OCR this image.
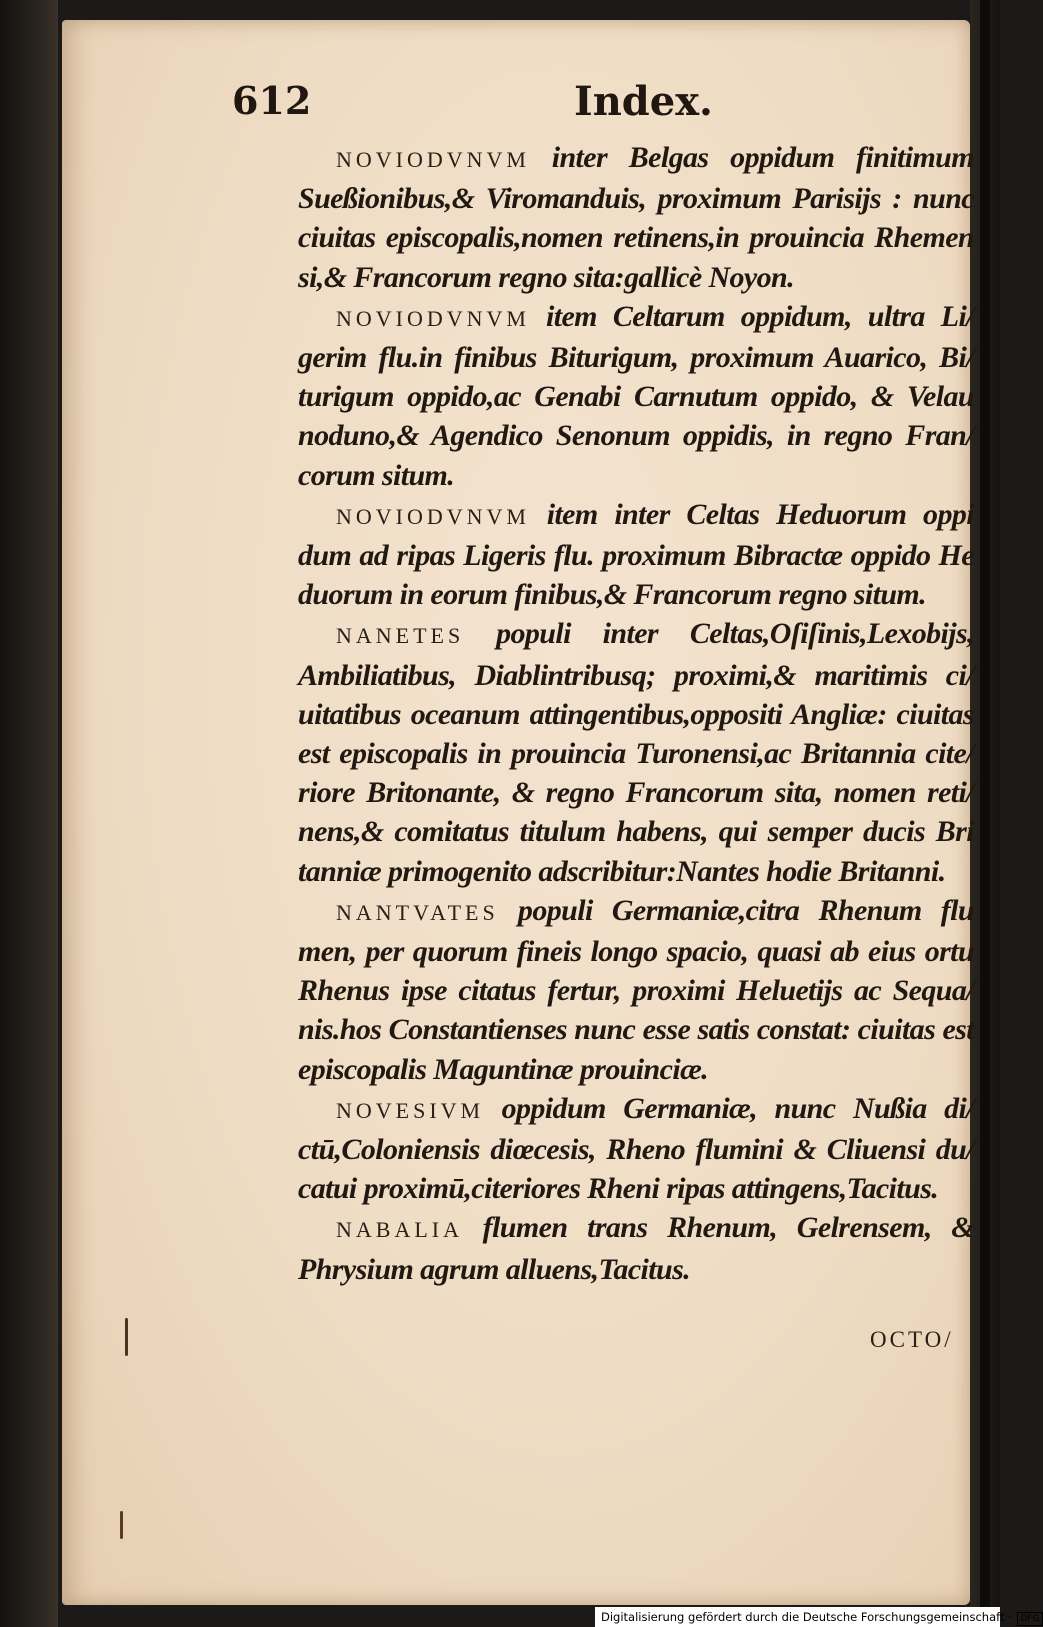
612	Index.

NOVIODVNVM inter Belgas oppidum finitimum Sueßionibus,& Viromanduis, proximum Parisijs : nunc ciuitas episcopalis,nomen retinens,in prouincia Rhemen si,& Francorum regno sita:gallicè Noyon.

NOVIODVNVM item Celtarum oppidum, ultra Li/ gerim flu.in finibus Biturigum, proximum Auarico, Bi/ turigum oppido,ac Genabi Carnutum oppido, & Velau noduno,& Agendico Senonum oppidis, in regno Fran/ corum situm.

NOVIODVNVM item inter Celtas Heduorum oppi dum ad ripas Ligeris flu. proximum Bibractæ oppido He duorum in eorum finibus,& Francorum regno situm.

NANETES populi inter Celtas,Oſiſinis,Lexobijs, Ambiliatibus, Diablintribusq; proximi,& maritimis ci/ uitatibus oceanum attingentibus,oppositi Angliæ: ciuitas est episcopalis in prouincia Turonensi,ac Britannia cite/ riore Britonante, & regno Francorum sita, nomen reti/ nens,& comitatus titulum habens, qui semper ducis Bri tanniæ primogenito adscribitur:Nantes hodie Britanni.

NANTVATES populi Germaniæ,citra Rhenum flu men, per quorum fineis longo spacio, quasi ab eius ortu Rhenus ipse citatus fertur, proximi Heluetijs ac Sequa/ nis.hos Constantienses nunc esse satis constat: ciuitas est episcopalis Maguntinæ prouinciæ.

NOVESIVM oppidum Germaniæ, nunc Nußia di/ ctū,Coloniensis diœcesis, Rheno flumini & Cliuensi du/ catui proximū,citeriores Rheni ripas attingens,Tacitus.

NABALIA flumen trans Rhenum, Gelrensem, & Phrysium agrum alluens,Tacitus.

OCTO/
Digitalisierung gefördert durch die Deutsche Forschungsgemeinschaft · DFG
